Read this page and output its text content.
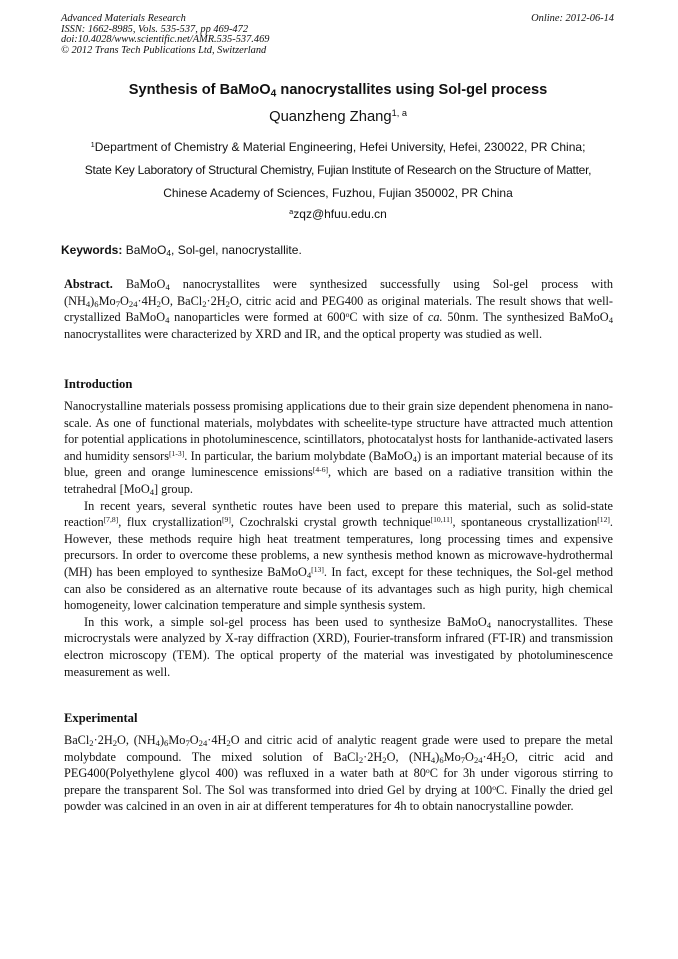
Advanced Materials Research
ISSN: 1662-8985, Vols. 535-537, pp 469-472
doi:10.4028/www.scientific.net/AMR.535-537.469
© 2012 Trans Tech Publications Ltd, Switzerland
Online: 2012-06-14
Synthesis of BaMoO$_4$ nanocrystallites using Sol-gel process
Quanzheng Zhang$^{1, a}$
$^1$Department of Chemistry & Material Engineering, Hefei University, Hefei, 230022, PR China;
State Key Laboratory of Structural Chemistry, Fujian Institute of Research on the Structure of Matter,
Chinese Academy of Sciences, Fuzhou, Fujian 350002, PR China
$^a$zqz@hfuu.edu.cn
Keywords: BaMoO$_4$, Sol-gel, nanocrystallite.

Abstract. BaMoO$_4$ nanocrystallites were synthesized successfully using Sol-gel process with $(NH_4)_6Mo_7O_{24}\cdot 4H_2O$, $BaCl_2\cdot 2H_2O$, citric acid and PEG400 as original materials. The result shows that well-crystallized BaMoO$_4$ nanoparticles were formed at 600$^o$C with size of ca. 50nm. The synthesized BaMoO$_4$ nanocrystallites were characterized by XRD and IR, and the optical property was studied as well.

Introduction

Nanocrystalline materials possess promising applications due to their grain size dependent phenomena in nano-scale. As one of functional materials, molybdates with scheelite-type structure have attracted much attention for potential applications in photoluminescence, scintillators, photocatalyst hosts for lanthanide-activated lasers and humidity sensors[1-3]. In particular, the barium molybdate (BaMoO$_4$) is an important material because of its blue, green and orange luminescence emissions[4-6], which are based on a radiative transition within the tetrahedral [MoO$_4$] group.

In recent years, several synthetic routes have been used to prepare this material, such as solid-state reaction[7,8], flux crystallization[9], Czochralski crystal growth technique[10,11], spontaneous crystallization[12]. However, these methods require high heat treatment temperatures, long processing times and expensive precursors. In order to overcome these problems, a new synthesis method known as microwave-hydrothermal (MH) has been employed to synthesize BaMoO$_4$[13]. In fact, except for these techniques, the Sol-gel method can also be considered as an alternative route because of its advantages such as high purity, high chemical homogeneity, lower calcination temperature and simple synthesis system.

In this work, a simple sol-gel process has been used to synthesize BaMoO$_4$ nanocrystallites. These microcrystals were analyzed by X-ray diffraction (XRD), Fourier-transform infrared (FT-IR) and transmission electron microscopy (TEM). The optical property of the material was investigated by photoluminescence measurement as well.

Experimental

$BaCl_2\cdot 2H_2O$, $(NH_4)_6Mo_7O_{24}\cdot 4H_2O$ and citric acid of analytic reagent grade were used to prepare the metal molybdate compound. The mixed solution of $BaCl_2\cdot 2H_2O$, $(NH_4)_6Mo_7O_{24}\cdot 4H_2O$, citric acid and PEG400(Polyethylene glycol 400) was refluxed in a water bath at 80$^o$C for 3h under vigorous stirring to prepare the transparent Sol. The Sol was transformed into dried Gel by drying at 100$^o$C. Finally the dried gel powder was calcined in an oven in air at different temperatures for 4h to obtain nanocrystalline powder.
